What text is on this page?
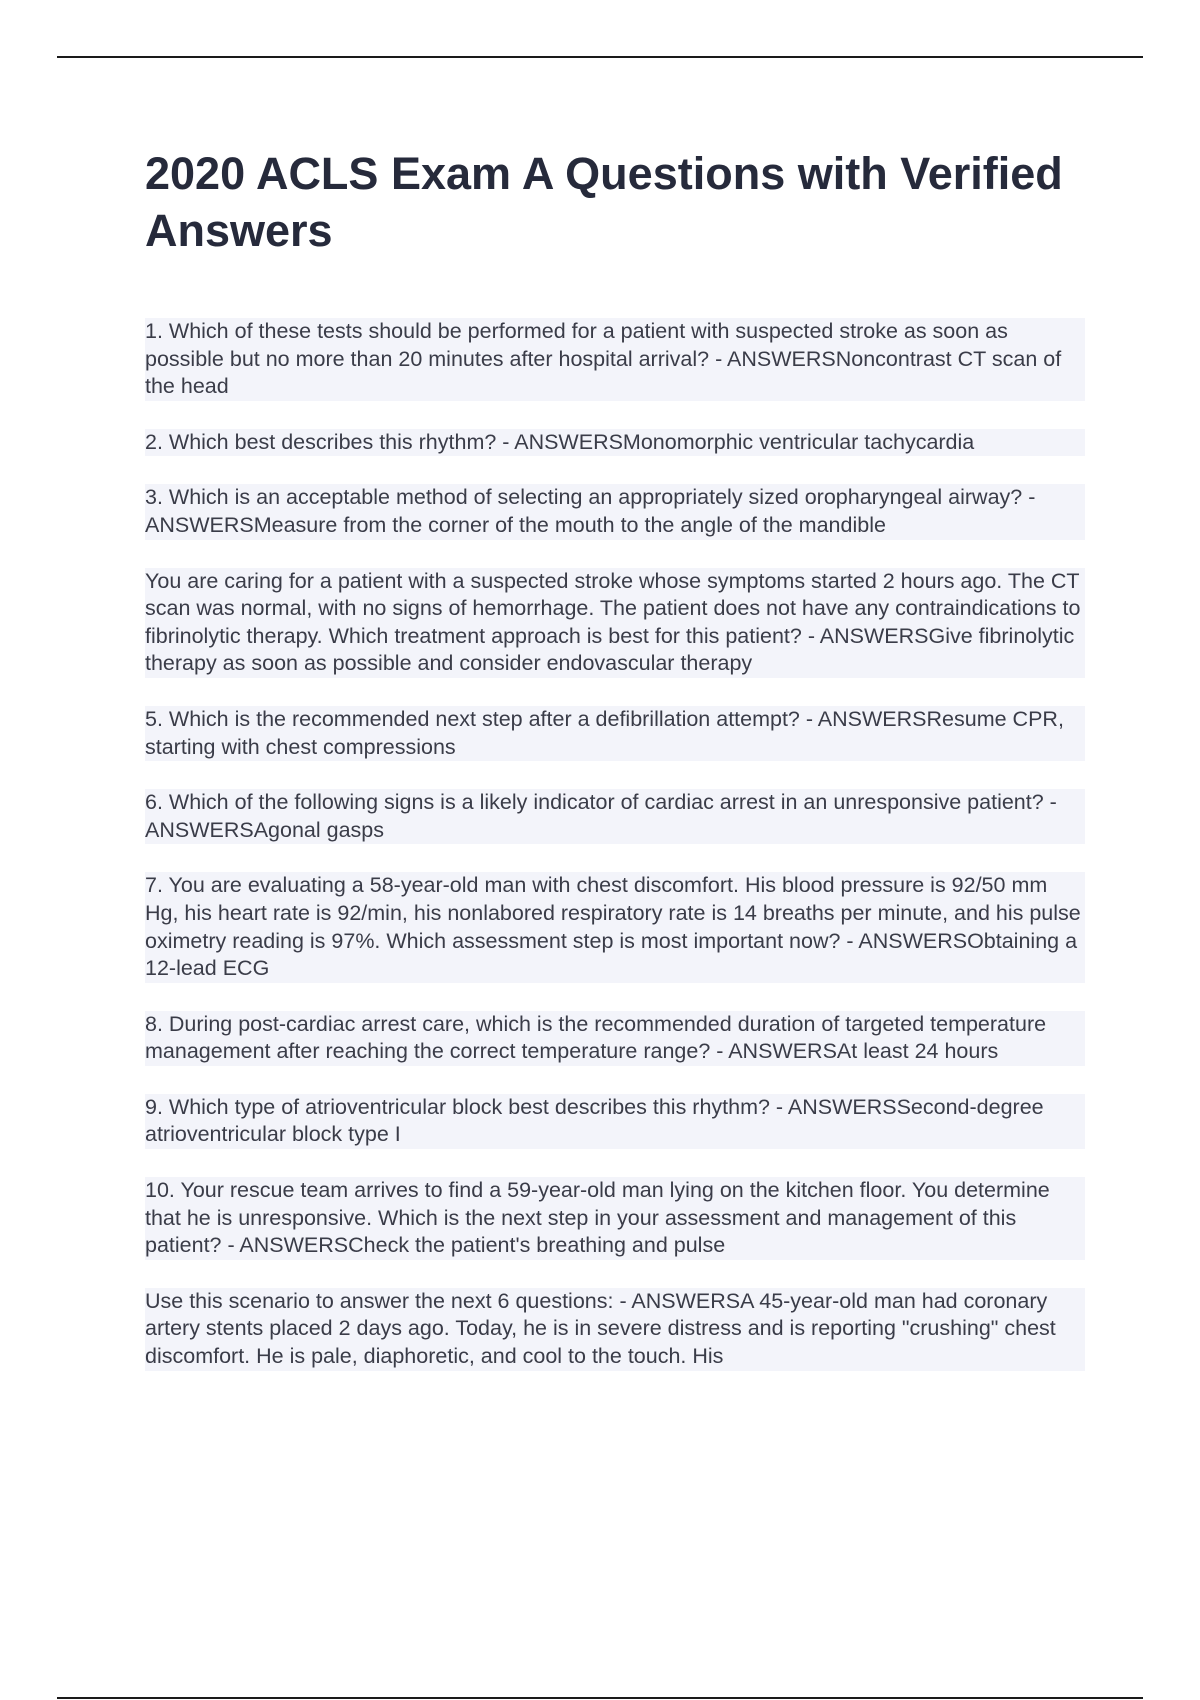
2020 ACLS Exam A Questions with Verified Answers

1. Which of these tests should be performed for a patient with suspected stroke as soon as possible but no more than 20 minutes after hospital arrival? - ANSWERSNoncontrast CT scan of the head

2. Which best describes this rhythm? - ANSWERSMonomorphic ventricular tachycardia

3. Which is an acceptable method of selecting an appropriately sized oropharyngeal airway? - ANSWERSMeasure from the corner of the mouth to the angle of the mandible

You are caring for a patient with a suspected stroke whose symptoms started 2 hours ago. The CT scan was normal, with no signs of hemorrhage. The patient does not have any contraindications to fibrinolytic therapy. Which treatment approach is best for this patient? - ANSWERSGive fibrinolytic therapy as soon as possible and consider endovascular therapy

5. Which is the recommended next step after a defibrillation attempt? - ANSWERSResume CPR, starting with chest compressions

6. Which of the following signs is a likely indicator of cardiac arrest in an unresponsive patient? - ANSWERSAgonal gasps

7. You are evaluating a 58-year-old man with chest discomfort. His blood pressure is 92/50 mm Hg, his heart rate is 92/min, his nonlabored respiratory rate is 14 breaths per minute, and his pulse oximetry reading is 97%. Which assessment step is most important now? - ANSWERSObtaining a 12-lead ECG

8. During post-cardiac arrest care, which is the recommended duration of targeted temperature management after reaching the correct temperature range? - ANSWERSAt least 24 hours

9. Which type of atrioventricular block best describes this rhythm? - ANSWERSSecond-degree atrioventricular block type I

10. Your rescue team arrives to find a 59-year-old man lying on the kitchen floor. You determine that he is unresponsive. Which is the next step in your assessment and management of this patient? - ANSWERSCheck the patient's breathing and pulse

Use this scenario to answer the next 6 questions: - ANSWERSA 45-year-old man had coronary artery stents placed 2 days ago. Today, he is in severe distress and is reporting "crushing" chest discomfort. He is pale, diaphoretic, and cool to the touch. His
